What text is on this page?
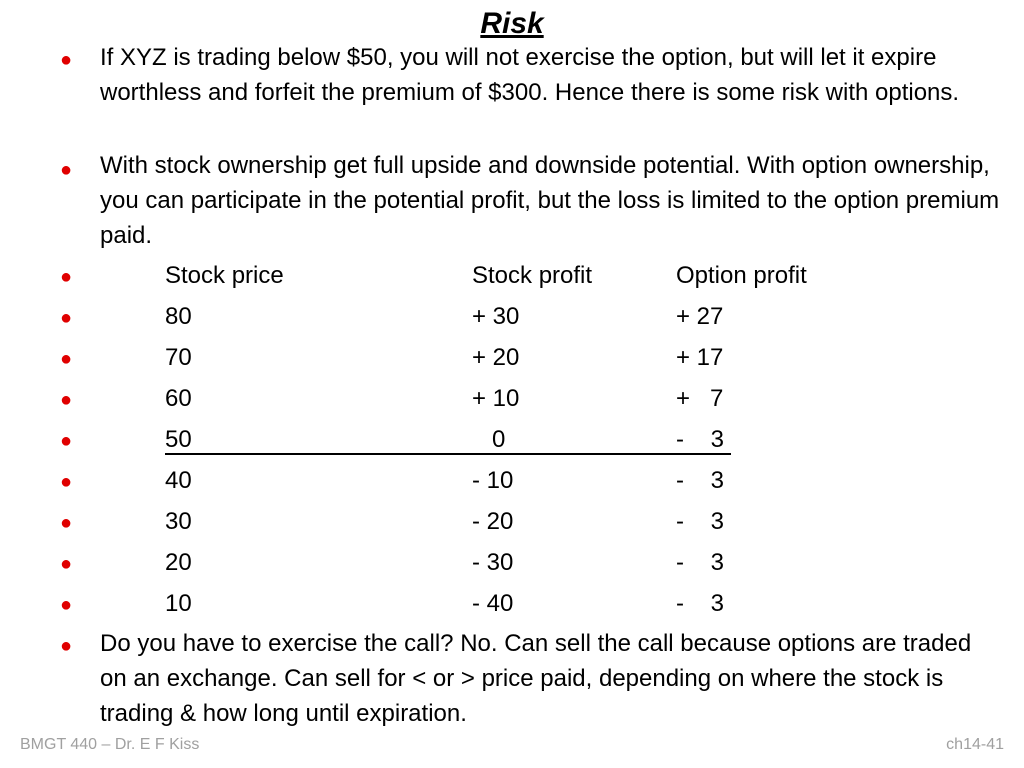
Risk
● If XYZ is trading below $50, you will not exercise the option, but will let it expire worthless and forfeit the premium of $300. Hence there is some risk with options.
● With stock ownership get full upside and downside potential. With option ownership, you can participate in the potential profit, but the loss is limited to the option premium paid.
●	Stock price	Stock profit	Option profit
●	80	+ 30	+ 27
●	70	+ 20	+ 17
●	60	+ 10	+   7
●	50	0	-    3
●	40	- 10	-    3
●	30	- 20	-    3
●	20	- 30	-    3
●	10	- 40	-    3
● Do you have to exercise the call? No. Can sell the call because options are traded on an exchange. Can sell for < or > price paid, depending on where the stock is trading & how long until expiration.
BMGT 440 – Dr. E F Kiss	ch14-41
